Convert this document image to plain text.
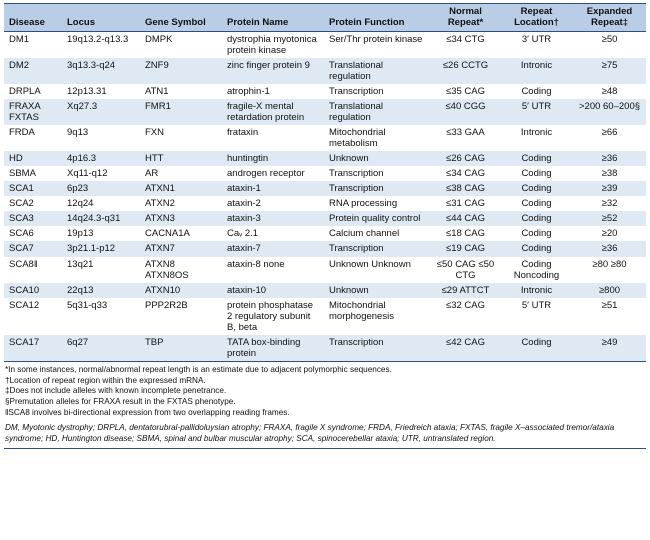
Disease	Locus	Gene Symbol	Protein Name	Protein Function	Normal Repeat*	Repeat Location†	Expanded Repeat‡
DM1	19q13.2-q13.3	DMPK	dystrophia myotonica protein kinase	Ser/Thr protein kinase	≤34 CTG	3′ UTR	≥50
DM2	3q13.3-q24	ZNF9	zinc finger protein 9	Translational regulation	≤26 CCTG	Intronic	≥75
DRPLA	12p13.31	ATN1	atrophin-1	Transcription	≤35 CAG	Coding	≥48
FRAXA FXTAS	Xq27.3	FMR1	fragile-X mental retardation protein	Translational regulation	≤40 CGG	5′ UTR	>200 60–200§
FRDA	9q13	FXN	frataxin	Mitochondrial metabolism	≤33 GAA	Intronic	≥66
HD	4p16.3	HTT	huntingtin	Unknown	≤26 CAG	Coding	≥36
SBMA	Xq11-q12	AR	androgen receptor	Transcription	≤34 CAG	Coding	≥38
SCA1	6p23	ATXN1	ataxin-1	Transcription	≤38 CAG	Coding	≥39
SCA2	12q24	ATXN2	ataxin-2	RNA processing	≤31 CAG	Coding	≥32
SCA3	14q24.3-q31	ATXN3	ataxin-3	Protein quality control	≤44 CAG	Coding	≥52
SCA6	19p13	CACNA1A	Caᵥ 2.1	Calcium channel	≤18 CAG	Coding	≥20
SCA7	3p21.1-p12	ATXN7	ataxin-7	Transcription	≤19 CAG	Coding	≥36
SCA8‖	13q21	ATXN8 ATXN8OS	ataxin-8 none	Unknown Unknown	≤50 CAG ≤50 CTG	Coding Noncoding	≥80 ≥80
SCA10	22q13	ATXN10	ataxin-10	Unknown	≤29 ATTCT	Intronic	≥800
SCA12	5q31-q33	PPP2R2B	protein phosphatase 2 regulatory subunit B, beta	Mitochondrial morphogenesis	≤32 CAG	5′ UTR	≥51
SCA17	6q27	TBP	TATA box-binding protein	Transcription	≤42 CAG	Coding	≥49
*In some instances, normal/abnormal repeat length is an estimate due to adjacent polymorphic sequences.
†Location of repeat region within the expressed mRNA.
‡Does not include alleles with known incomplete penetrance.
§Premutation alleles for FRAXA result in the FXTAS phenotype.
‖SCA8 involves bi-directional expression from two overlapping reading frames.
DM, Myotonic dystrophy; DRPLA, dentatorubral-pallidoluysian atrophy; FRAXA, fragile X syndrome; FRDA, Friedreich ataxia; FXTAS, fragile X–associated tremor/ataxia syndrome; HD, Huntington disease; SBMA, spinal and bulbar muscular atrophy; SCA, spinocerebellar ataxia; UTR, untranslated region.
